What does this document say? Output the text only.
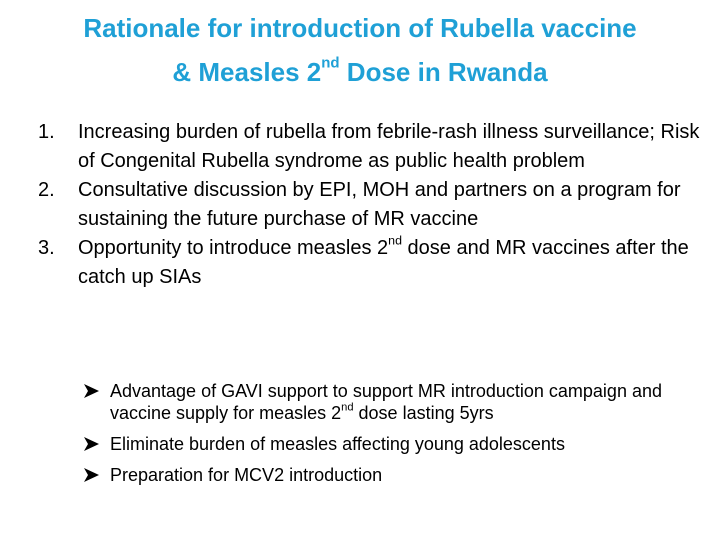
Rationale for introduction of Rubella vaccine
& Measles 2nd Dose in Rwanda
1. Increasing burden of rubella from febrile-rash illness surveillance; Risk of Congenital Rubella syndrome as public health problem
2. Consultative discussion by EPI, MOH and partners on a program for sustaining the future purchase of MR vaccine
3. Opportunity to introduce measles 2nd dose and MR vaccines after the catch up SIAs
Advantage of GAVI support to support MR introduction campaign and vaccine supply for measles 2nd dose lasting 5yrs
Eliminate burden of measles affecting young adolescents
Preparation for MCV2 introduction
